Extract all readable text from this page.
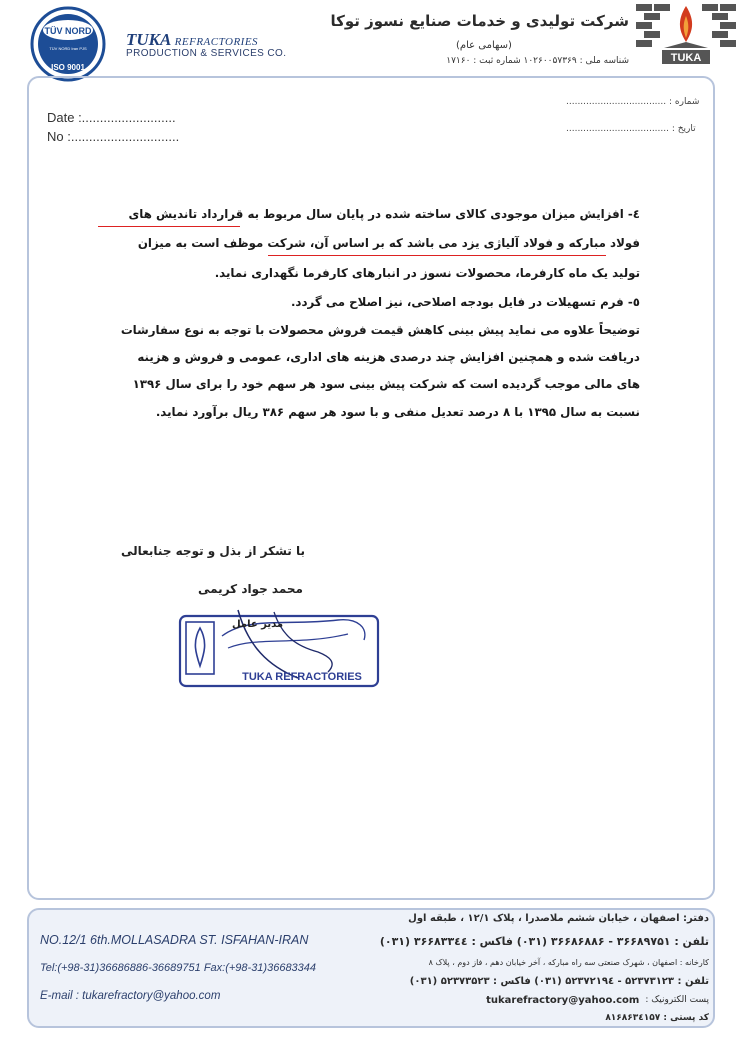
TÜV NORD
TÜV NORD Iran PJS
ISO 9001
TUKA REFRACTORIES
PRODUCTION & SERVICES CO.
شرکت تولیدی و خدمات صنایع نسوز توکا
(سهامی عام)
شناسه ملی : ۱۰۲۶۰۰۵۷۳۶۹ شماره ثبت : ۱۷۱۶۰	TUKA
Date :..........................
No :..............................
شماره : ...................................
تاریخ : ....................................
٤- افزایش میزان موجودی کالای ساخته شده در پایان سال مربوط به قرارداد تاندیش های
فولاد مبارکه و فولاد آلیاژی یزد می باشد که بر اساس آن، شرکت موظف است به میزان
تولید یک ماه کارفرما، محصولات نسوز در انبارهای کارفرما نگهداری نماید.
٥- فرم تسهیلات در فایل بودجه اصلاحی، نیز اصلاح می گردد.
توضیحاً علاوه می نماید پیش بینی کاهش قیمت فروش محصولات با توجه به نوع سفارشات
دریافت شده و همچنین افزایش چند درصدی هزینه های اداری، عمومی و فروش و هزینه
های مالی موجب گردیده است که شرکت پیش بینی سود هر سهم خود را برای سال ۱۳۹۶
نسبت به سال ۱۳۹۵ با ۸ درصد تعدیل منفی و با سود هر سهم ۳۸۶ ریال برآورد نماید.
با تشکر از بذل و توجه جنابعالی
محمد جواد کریمی
TUKA REFRACTORIES
مدیر عامل
NO.12/1 6th.MOLLASADRA ST. ISFAHAN-IRAN
Tel:(+98-31)36686886-36689751 Fax:(+98-31)36683344
E-mail : tukarefractory@yahoo.com
دفتر: اصفهان ، خیابان ششم ملاصدرا ، پلاک ۱۲/۱ ، طبقه اول
تلفن : ۳۶۶۸۹۷۵۱ - ۳۶۶۸۶۸۸۶ (۰۳۱) فاکس : ۳۶۶۸۳۳٤٤ (۰۳۱)
کارخانه : اصفهان ، شهرک صنعتی سه راه مبارکه ، آخر خیابان دهم ، فاز دوم ، پلاک ٨
تلفن : ۵۲۳۷۳۱۲۳ - ۵۲۳۷۲۱۹٤ (۰۳۱) فاکس : ۵۲۳۷۳۵۲۳ (۰۳۱)
پست الکترونیک :
tukarefractory@yahoo.com
کد پستی : ۸۱۶۸۶۳٤۱۵۷
